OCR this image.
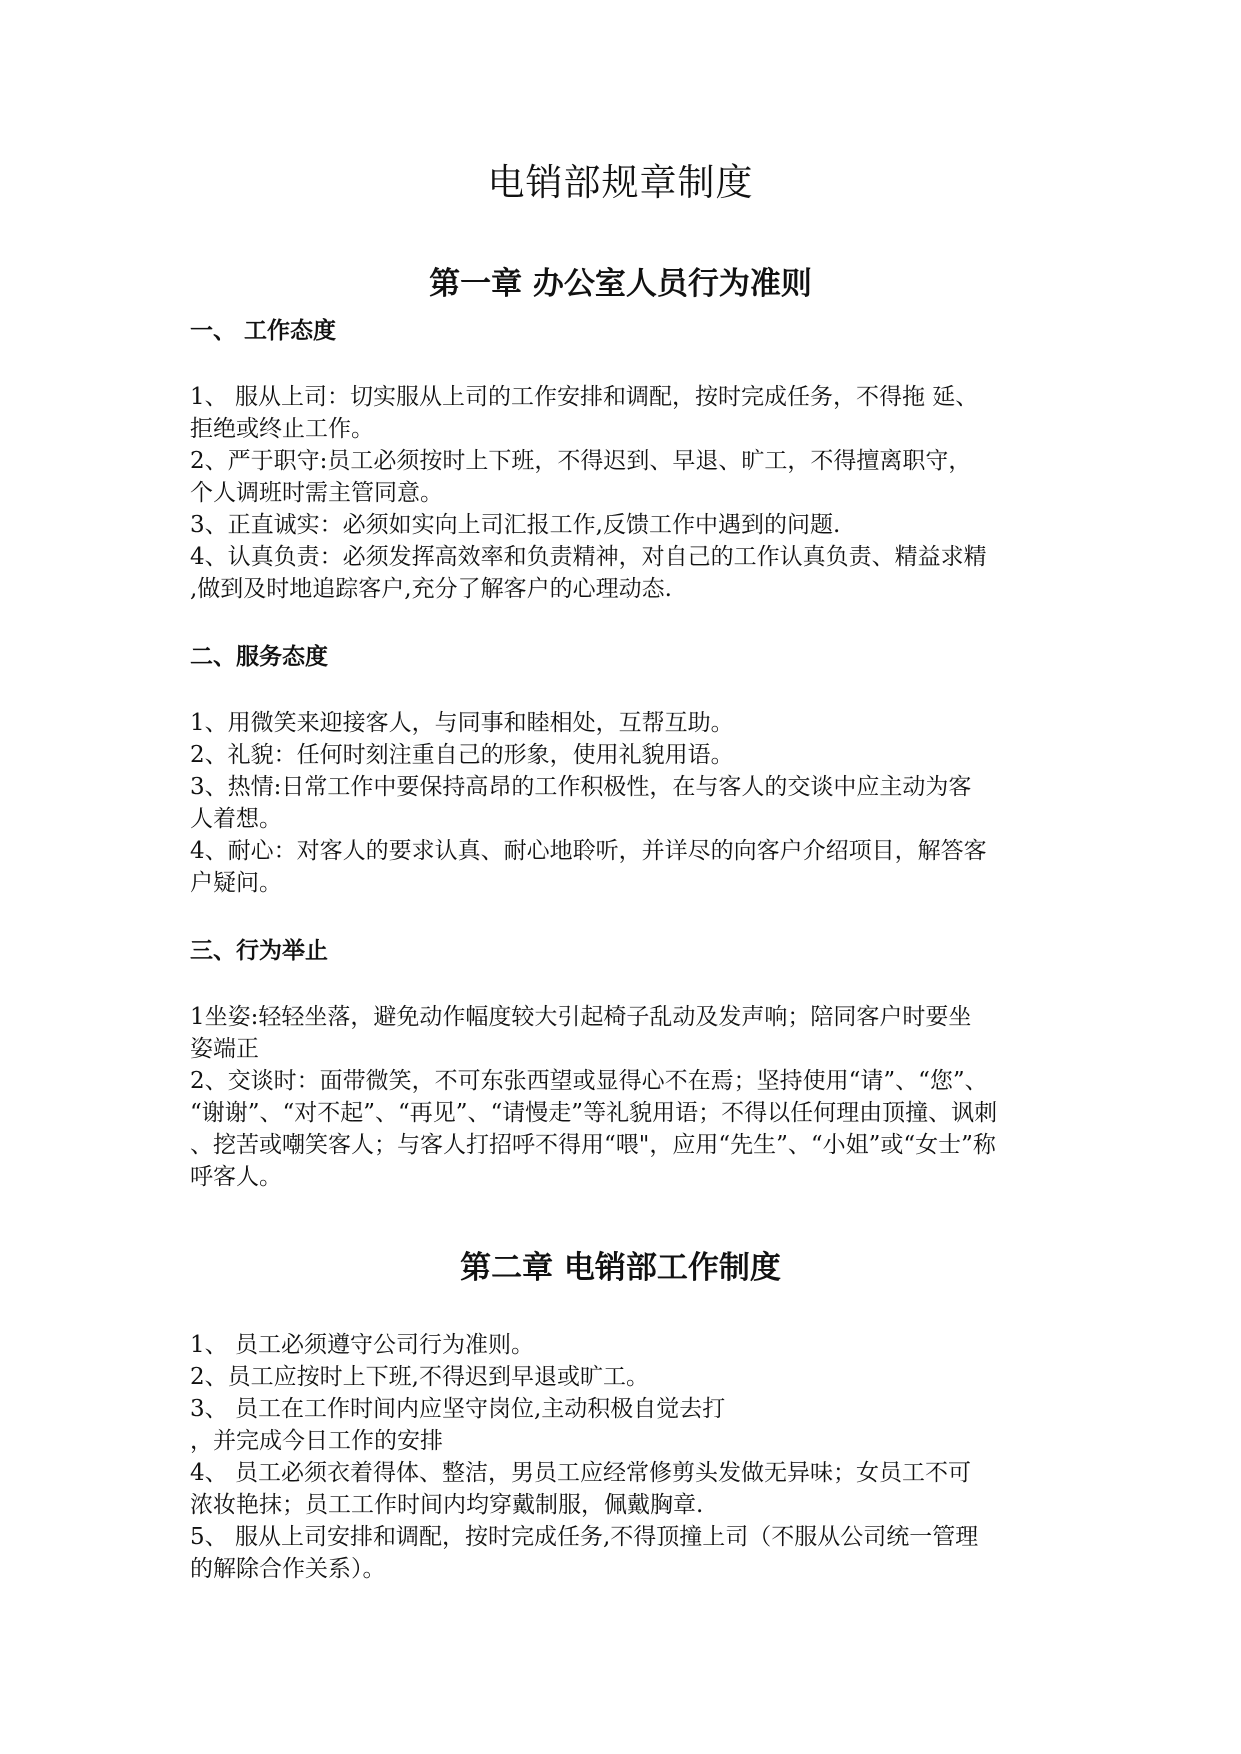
电销部规章制度
第一章 办公室人员行为准则
一、 工作态度
1、 服从上司：切实服从上司的工作安排和调配，按时完成任务，不得拖 延、
拒绝或终止工作。
2、严于职守:员工必须按时上下班，不得迟到、早退、旷工，不得擅离职守，
个人调班时需主管同意。
3、正直诚实：必须如实向上司汇报工作,反馈工作中遇到的问题.
4、认真负责：必须发挥高效率和负责精神，对自己的工作认真负责、精益求精
,做到及时地追踪客户,充分了解客户的心理动态.
二、服务态度
1、用微笑来迎接客人，与同事和睦相处，互帮互助。
2、礼貌：任何时刻注重自己的形象，使用礼貌用语。
3、热情:日常工作中要保持高昂的工作积极性，在与客人的交谈中应主动为客
人着想。
4、耐心：对客人的要求认真、耐心地聆听，并详尽的向客户介绍项目，解答客
户疑问。
三、行为举止
1坐姿:轻轻坐落，避免动作幅度较大引起椅子乱动及发声响；陪同客户时要坐
姿端正
2、交谈时：面带微笑，不可东张西望或显得心不在焉；坚持使用“请”、“您”、
“谢谢”、“对不起”、“再见”、“请慢走”等礼貌用语；不得以任何理由顶撞、讽刺
、挖苦或嘲笑客人；与客人打招呼不得用“喂"，应用“先生”、“小姐”或“女士”称
呼客人。
第二章 电销部工作制度
1、 员工必须遵守公司行为准则。
2、员工应按时上下班,不得迟到早退或旷工。
3、 员工在工作时间内应坚守岗位,主动积极自觉去打
，并完成今日工作的安排
4、 员工必须衣着得体、整洁，男员工应经常修剪头发做无异味；女员工不可
浓妆艳抹；员工工作时间内均穿戴制服，佩戴胸章.
5、 服从上司安排和调配，按时完成任务,不得顶撞上司（不服从公司统一管理
的解除合作关系）。
